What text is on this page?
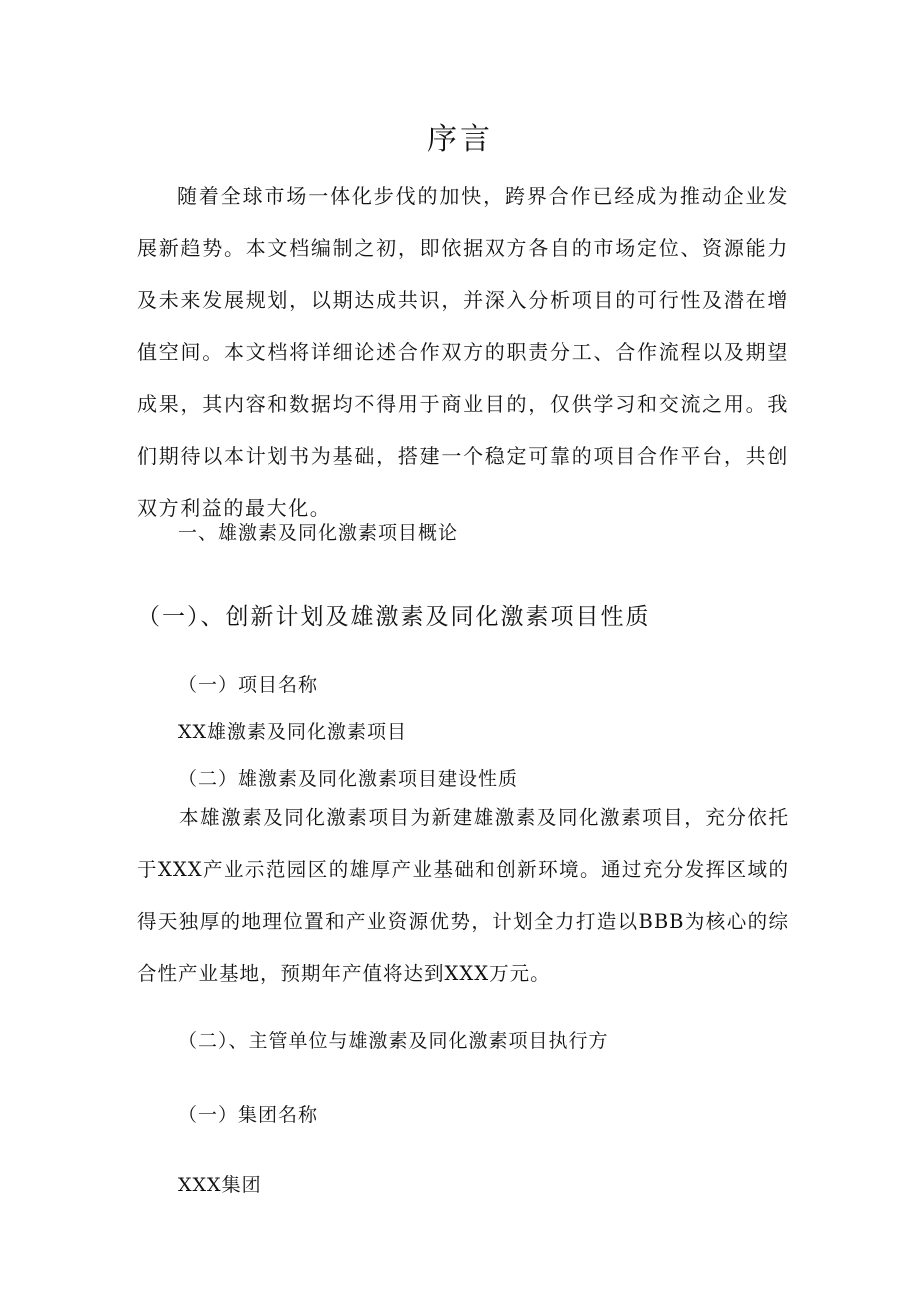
序言

随着全球市场一体化步伐的加快，跨界合作已经成为推动企业发展新趋势。本文档编制之初，即依据双方各自的市场定位、资源能力及未来发展规划，以期达成共识，并深入分析项目的可行性及潜在增值空间。本文档将详细论述合作双方的职责分工、合作流程以及期望成果，其内容和数据均不得用于商业目的，仅供学习和交流之用。我们期待以本计划书为基础，搭建一个稳定可靠的项目合作平台，共创双方利益的最大化。

一、雄激素及同化激素项目概论

（一）、创新计划及雄激素及同化激素项目性质

（一）项目名称

XX雄激素及同化激素项目

（二）雄激素及同化激素项目建设性质

本雄激素及同化激素项目为新建雄激素及同化激素项目，充分依托于XXX产业示范园区的雄厚产业基础和创新环境。通过充分发挥区域的得天独厚的地理位置和产业资源优势，计划全力打造以BBB为核心的综合性产业基地，预期年产值将达到XXX万元。

（二）、主管单位与雄激素及同化激素项目执行方

（一）集团名称

XXX集团
